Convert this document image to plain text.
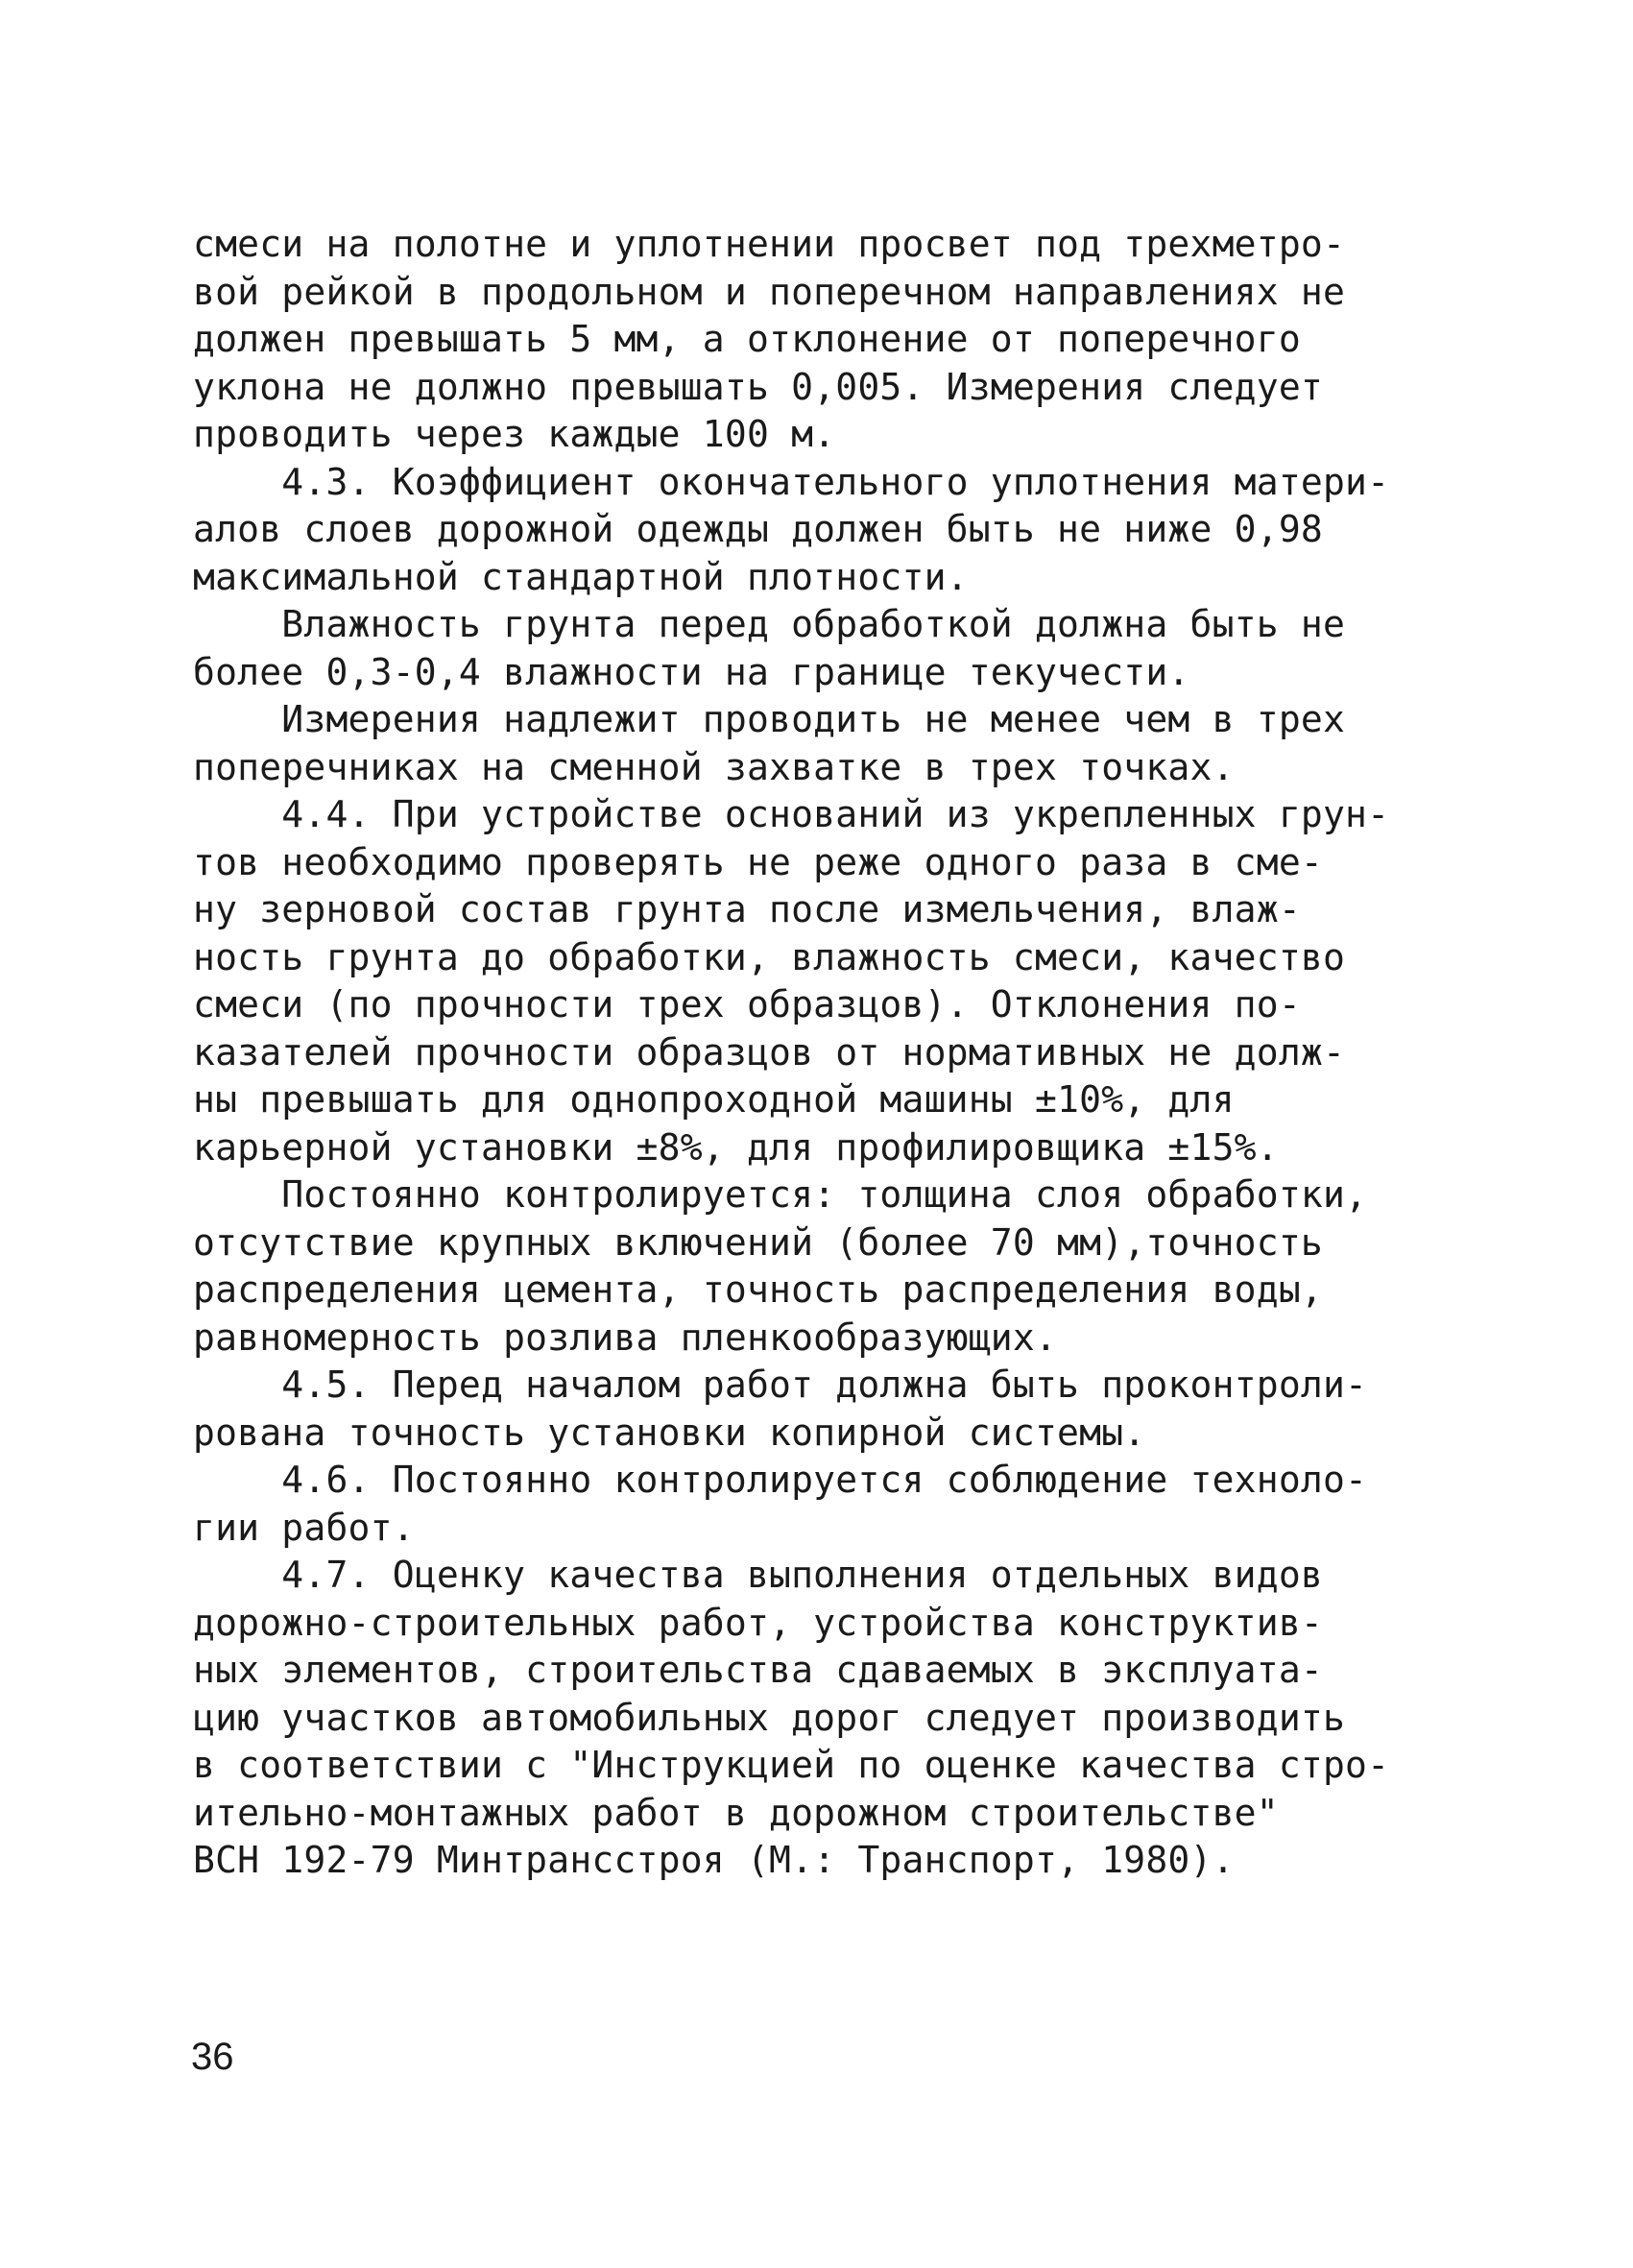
смеси на полотне и уплотнении просвет под трехметро-
вой рейкой в продольном и поперечном направлениях не
должен превышать 5 мм, а отклонение от поперечного
уклона не должно превышать 0,005. Измерения следует
проводить через каждые 100 м.
4.3. Коэффициент окончательного уплотнения матери-
алов слоев дорожной одежды должен быть не ниже 0,98
максимальной стандартной плотности.
Влажность грунта перед обработкой должна быть не
более 0,3-0,4 влажности на границе текучести.
Измерения надлежит проводить не менее чем в трех
поперечниках на сменной захватке в трех точках.
4.4. При устройстве оснований из укрепленных грун-
тов необходимо проверять не реже одного раза в сме-
ну зерновой состав грунта после измельчения, влаж-
ность грунта до обработки, влажность смеси, качество
смеси (по прочности трех образцов). Отклонения по-
казателей прочности образцов от нормативных не долж-
ны превышать для однопроходной машины ±10%, для
карьерной установки ±8%, для профилировщика ±15%.
Постоянно контролируется: толщина слоя обработки,
отсутствие крупных включений (более 70 мм),точность
распределения цемента, точность распределения воды,
равномерность розлива пленкообразующих.
4.5. Перед началом работ должна быть проконтроли-
рована точность установки копирной системы.
4.6. Постоянно контролируется соблюдение техноло-
гии работ.
4.7. Оценку качества выполнения отдельных видов
дорожно-строительных работ, устройства конструктив-
ных элементов, строительства сдаваемых в эксплуата-
цию участков автомобильных дорог следует производить
в соответствии с "Инструкцией по оценке качества стро-
ительно-монтажных работ в дорожном строительстве"
ВСН 192-79 Минтрансстроя (М.: Транспорт, 1980).
36
